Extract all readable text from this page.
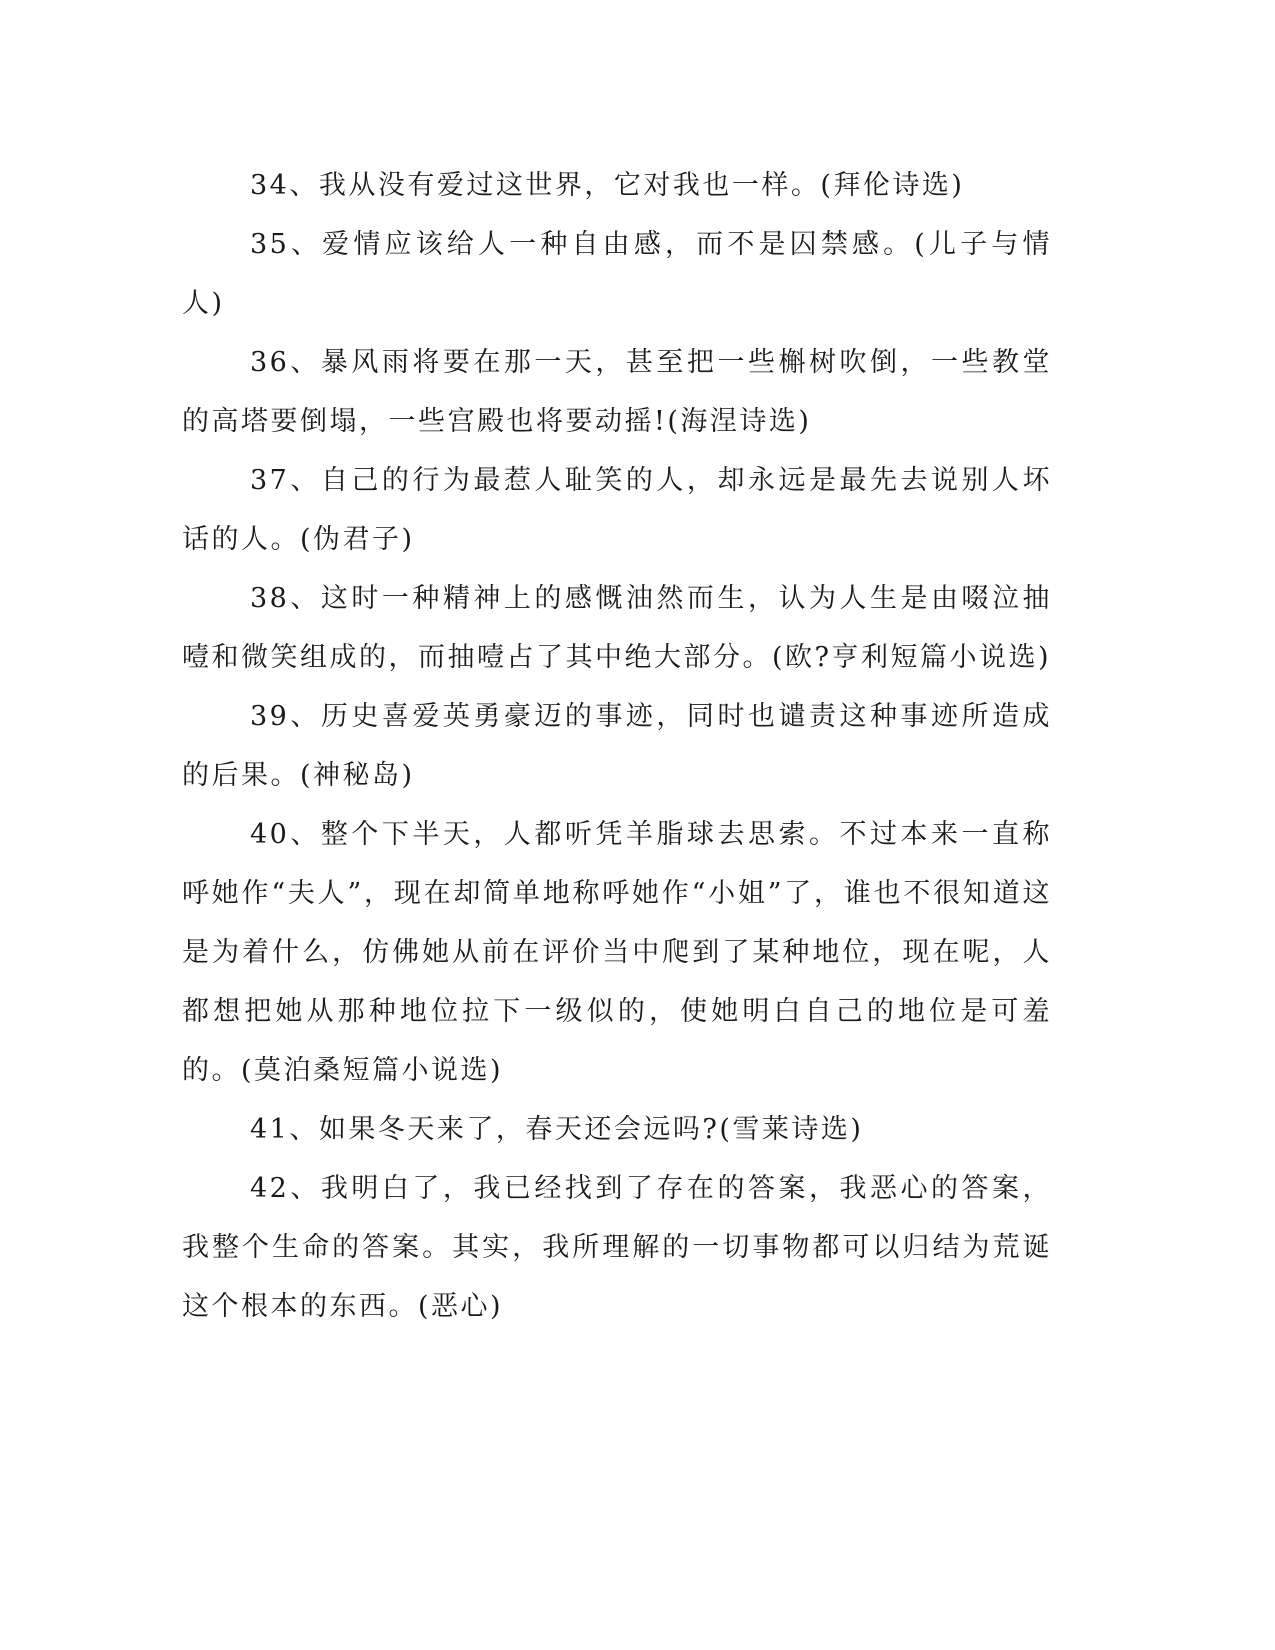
34、我从没有爱过这世界，它对我也一样。(拜伦诗选)

35、爱情应该给人一种自由感，而不是囚禁感。(儿子与情人)

36、暴风雨将要在那一天，甚至把一些槲树吹倒，一些教堂的高塔要倒塌，一些宫殿也将要动摇!(海涅诗选)

37、自己的行为最惹人耻笑的人，却永远是最先去说别人坏话的人。(伪君子)

38、这时一种精神上的感慨油然而生，认为人生是由啜泣抽噎和微笑组成的，而抽噎占了其中绝大部分。(欧?亨利短篇小说选)

39、历史喜爱英勇豪迈的事迹，同时也谴责这种事迹所造成的后果。(神秘岛)

40、整个下半天，人都听凭羊脂球去思索。不过本来一直称呼她作“夫人”，现在却简单地称呼她作“小姐”了，谁也不很知道这是为着什么，仿佛她从前在评价当中爬到了某种地位，现在呢，人都想把她从那种地位拉下一级似的，使她明白自己的地位是可羞的。(莫泊桑短篇小说选)

41、如果冬天来了，春天还会远吗?(雪莱诗选)

42、我明白了，我已经找到了存在的答案，我恶心的答案，我整个生命的答案。其实，我所理解的一切事物都可以归结为荒诞这个根本的东西。(恶心)
